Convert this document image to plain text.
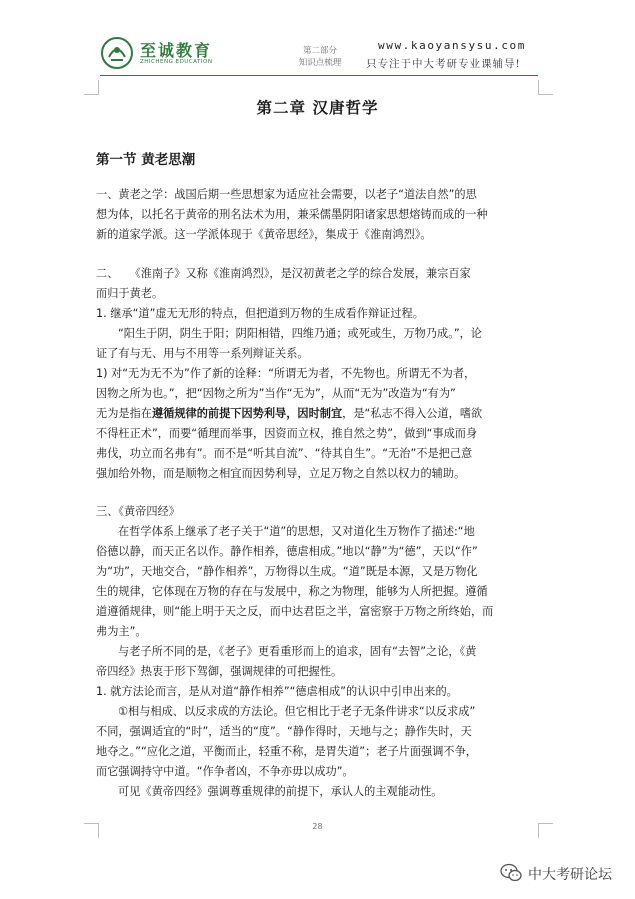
至诚教育
ZHICHENG EDUCATION
第二部分
知识点梳理
www.kaoyansysu.com
只专注于中大考研专业课辅导!
第二章 汉唐哲学
第一节 黄老思潮

一、黄老之学：战国后期一些思想家为适应社会需要，以老子“道法自然”的思

想为体，以托名于黄帝的刑名法术为用，兼采儒墨阴阳诸家思想熔铸而成的一种

新的道家学派。这一学派体现于《黄帝思经》，集成于《淮南鸿烈》。

二、　　《淮南子》又称《淮南鸿烈》，是汉初黄老之学的综合发展，兼宗百家

而归于黄老。

1. 继承“道”虚无无形的特点，但把道到万物的生成看作辩证过程。

“阳生于阴，阴生于阳；阴阳相错，四维乃通；或死或生，万物乃成。”，论

证了有与无、用与不用等一系列辩证关系。

1) 对“无为无不为”作了新的诠释：“所谓无为者，不先物也。所谓无不为者，

因物之所为也。”，把“因物之所为”当作“无为”，从而“无为”改造为“有为”

无为是指在遵循规律的前提下因势利导，因时制宜，是“私志不得入公道，嗜欲

不得枉正术”，而要“循理而举事，因资而立权，推自然之势”，做到“事成而身

弗伐，功立而名弗有”。而不是“听其自流”、“待其自生”。“无治”不是把己意

强加给外物，而是顺物之相宜而因势利导，立足万物之自然以权力的辅助。

三、《黄帝四经》

在哲学体系上继承了老子关于“道”的思想，又对道化生万物作了描述:“地

俗德以静，而天正名以作。静作相养，德虐相成。”地以“静”为“德”，天以“作”

为“功”，天地交合，“静作相养”，万物得以生成。“道”既是本源，又是万物化

生的规律，它体现在万物的存在与发展中，称之为物理，能够为人所把握。遵循

道遵循规律，则“能上明于天之反，而中达君臣之半，富密察于万物之所终始，而

弗为主”。

与老子所不同的是，《老子》更看重形而上的追求，固有“去智”之论，《黄

帝四经》热衷于形下驾御，强调规律的可把握性。

1. 就方法论而言，是从对道“静作相养”“德虐相成”的认识中引申出来的。

①相与相成、以反求成的方法论。但它相比于老子无条件讲求“以反求成”

不同，强调适宜的“时”，适当的“度”。“静作得时，天地与之；静作失时，天

地夺之。”“应化之道，平衡而止，轻重不称，是胃失道”；老子片面强调不争，

而它强调持守中道。“作争者凶，不争亦毋以成功”。

可见《黄帝四经》强调尊重规律的前提下，承认人的主观能动性。

28
中大考研论坛
